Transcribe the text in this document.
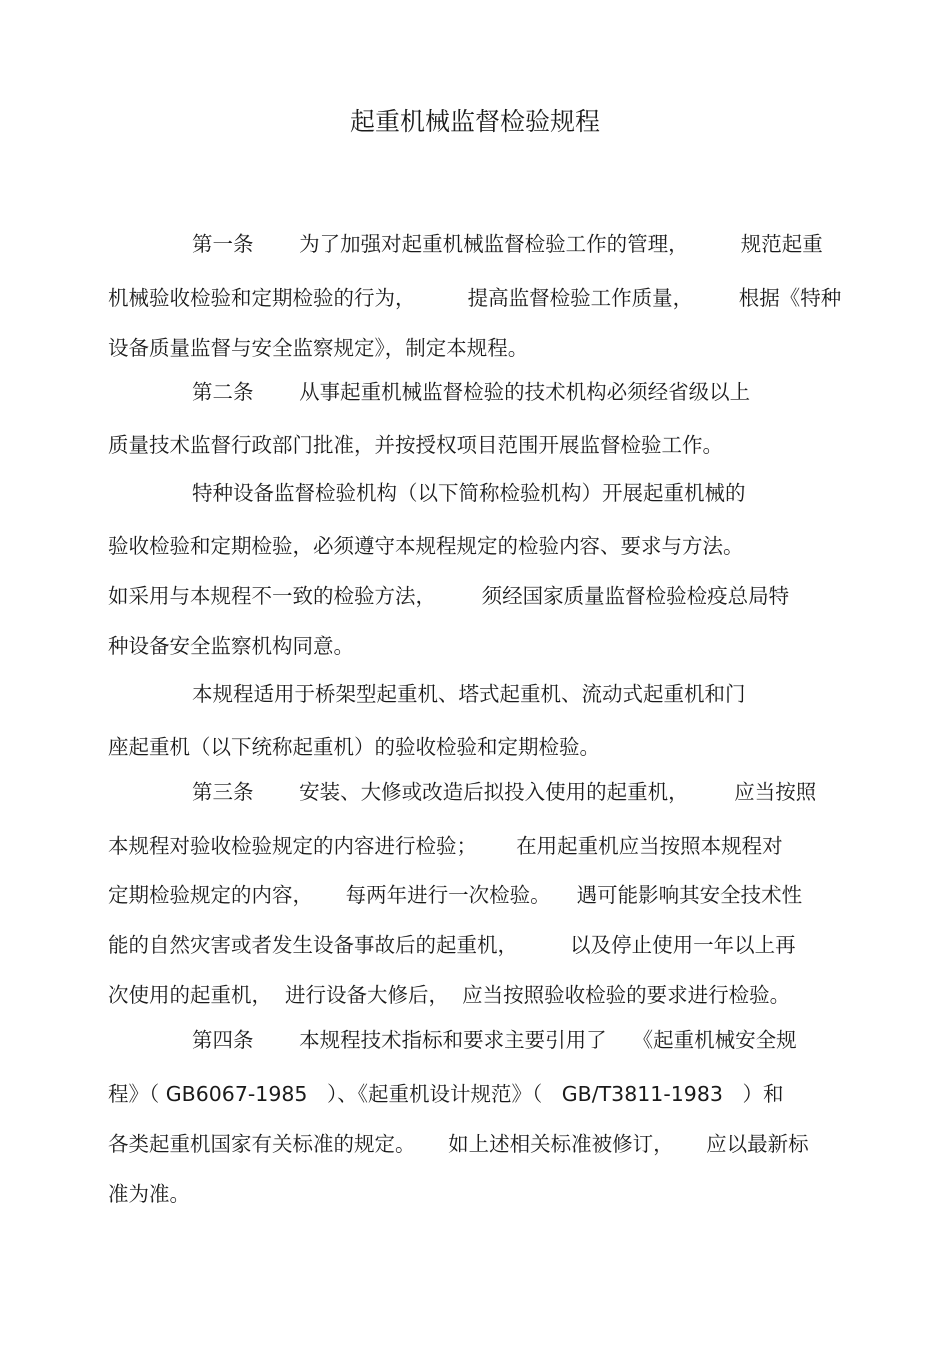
起重机械监督检验规程
第一条       为了加强对起重机械监督检验工作的管理，        规范起重
机械验收检验和定期检验的行为，        提高监督检验工作质量，       根据《特种
设备质量监督与安全监察规定》，制定本规程。
第二条       从事起重机械监督检验的技术机构必须经省级以上
质量技术监督行政部门批准，并按授权项目范围开展监督检验工作。
特种设备监督检验机构（以下简称检验机构）开展起重机械的
验收检验和定期检验，必须遵守本规程规定的检验内容、要求与方法。
如采用与本规程不一致的检验方法，       须经国家质量监督检验检疫总局特
种设备安全监察机构同意。
本规程适用于桥架型起重机、塔式起重机、流动式起重机和门
座起重机（以下统称起重机）的验收检验和定期检验。
第三条       安装、大修或改造后拟投入使用的起重机，       应当按照
本规程对验收检验规定的内容进行检验；      在用起重机应当按照本规程对
定期检验规定的内容，     每两年进行一次检验。    遇可能影响其安全技术性
能的自然灾害或者发生设备事故后的起重机，        以及停止使用一年以上再
次使用的起重机，  进行设备大修后，  应当按照验收检验的要求进行检验。
第四条       本规程技术指标和要求主要引用了    《起重机械安全规
程》（ GB6067-1985   ）、《起重机设计规范》（   GB/T3811-1983   ）和
各类起重机国家有关标准的规定。     如上述相关标准被修订，     应以最新标
准为准。
